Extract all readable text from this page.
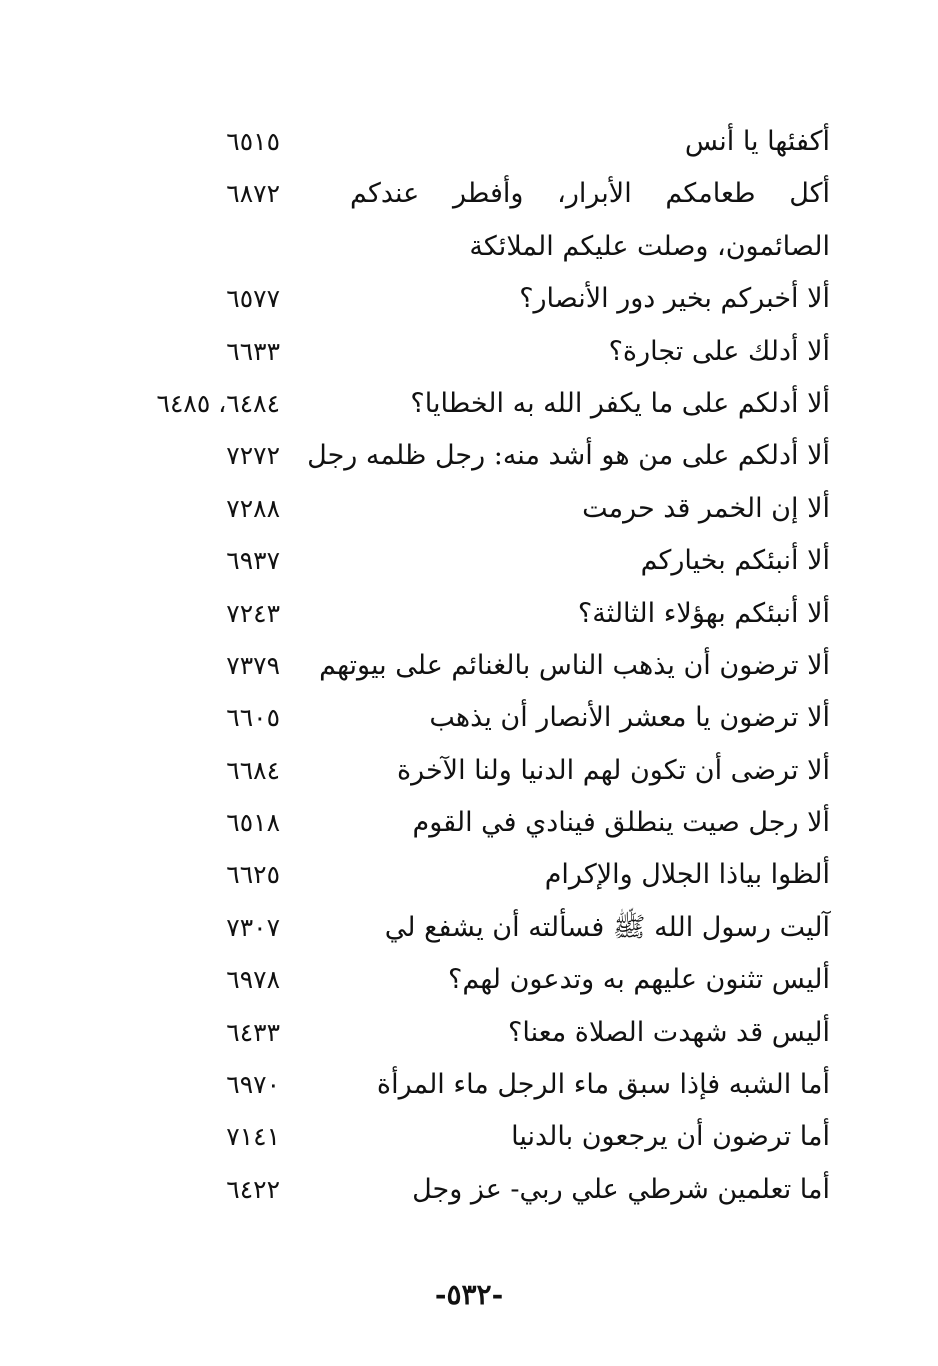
أكفئها يا أنس
٦٥١٥
أكل طعامكم الأبرار، وأفطر عندكم الصائمون، وصلت عليكم الملائكة
٦٨٧٢
ألا أخبركم بخير دور الأنصار؟
٦٥٧٧
ألا أدلك على تجارة؟
٦٦٣٣
ألا أدلكم على ما يكفر الله به الخطايا؟
٦٤٨٤، ٦٤٨٥
ألا أدلكم على من هو أشد منه: رجل ظلمه رجل
٧٢٧٢
ألا إن الخمر قد حرمت
٧٢٨٨
ألا أنبئكم بخياركم
٦٩٣٧
ألا أنبئكم بهؤلاء الثالثة؟
٧٢٤٣
ألا ترضون أن يذهب الناس بالغنائم على بيوتهم
٧٣٧٩
ألا ترضون يا معشر الأنصار أن يذهب
٦٦٠٥
ألا ترضى أن تكون لهم الدنيا ولنا الآخرة
٦٦٨٤
ألا رجل صيت ينطلق فينادي في القوم
٦٥١٨
ألظوا بياذا الجلال والإكرام
٦٦٢٥
آليت رسول الله ﷺ فسألته أن يشفع لي
٧٣٠٧
أليس تثنون عليهم به وتدعون لهم؟
٦٩٧٨
أليس قد شهدت الصلاة معنا؟
٦٤٣٣
أما الشبه فإذا سبق ماء الرجل ماء المرأة
٦٩٧٠
أما ترضون أن يرجعون بالدنيا
٧١٤١
أما تعلمين شرطي علي ربي- عز وجل
٦٤٢٢
-٥٣٢-
